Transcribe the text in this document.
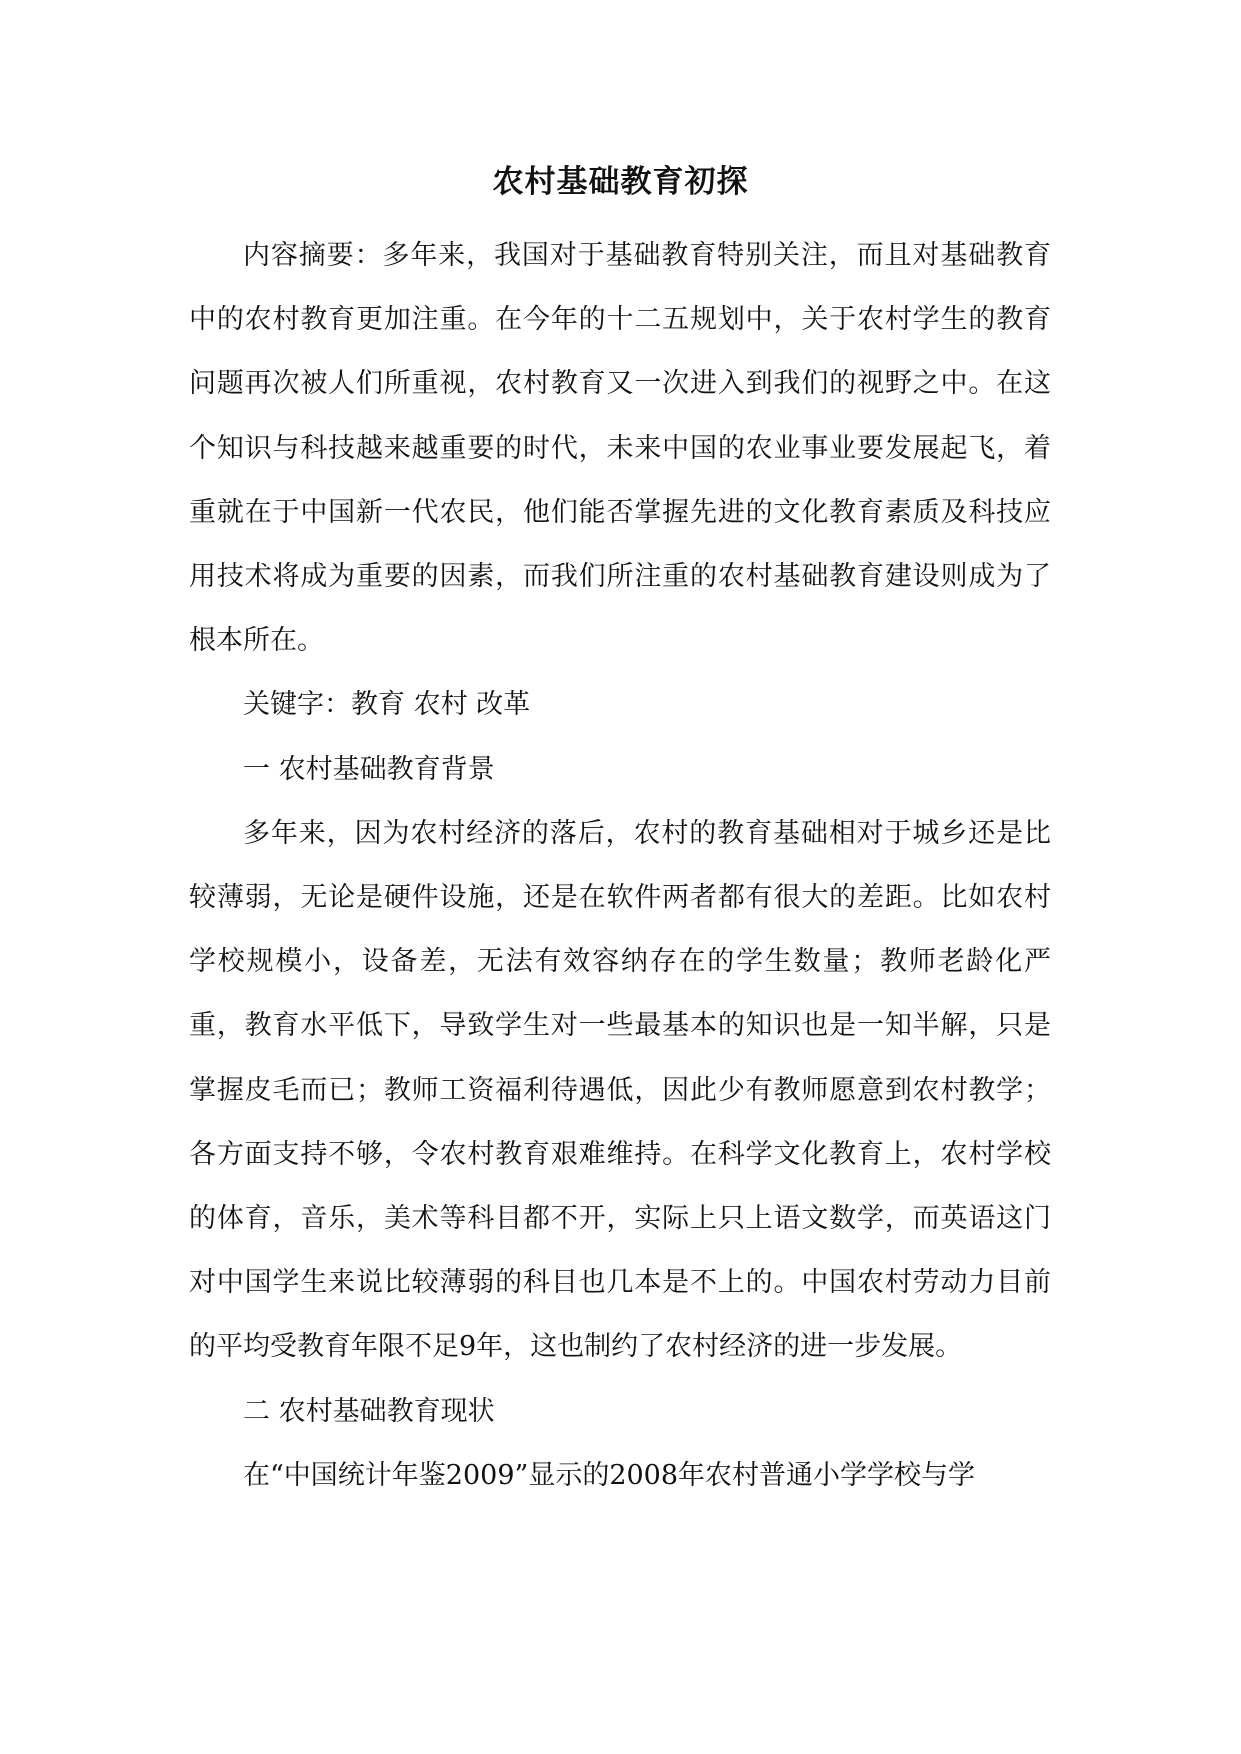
农村基础教育初探

内容摘要：多年来，我国对于基础教育特别关注，而且对基础教育中的农村教育更加注重。在今年的十二五规划中，关于农村学生的教育问题再次被人们所重视，农村教育又一次进入到我们的视野之中。在这个知识与科技越来越重要的时代，未来中国的农业事业要发展起飞，着重就在于中国新一代农民，他们能否掌握先进的文化教育素质及科技应用技术将成为重要的因素，而我们所注重的农村基础教育建设则成为了根本所在。

关键字：教育 农村 改革

一 农村基础教育背景

多年来，因为农村经济的落后，农村的教育基础相对于城乡还是比较薄弱，无论是硬件设施，还是在软件两者都有很大的差距。比如农村学校规模小，设备差，无法有效容纳存在的学生数量；教师老龄化严重，教育水平低下，导致学生对一些最基本的知识也是一知半解，只是掌握皮毛而已；教师工资福利待遇低，因此少有教师愿意到农村教学；各方面支持不够，令农村教育艰难维持。在科学文化教育上，农村学校的体育，音乐，美术等科目都不开，实际上只上语文数学，而英语这门对中国学生来说比较薄弱的科目也几本是不上的。中国农村劳动力目前的平均受教育年限不足9年，这也制约了农村经济的进一步发展。

二 农村基础教育现状

在“中国统计年鉴2009”显示的2008年农村普通小学学校与学
